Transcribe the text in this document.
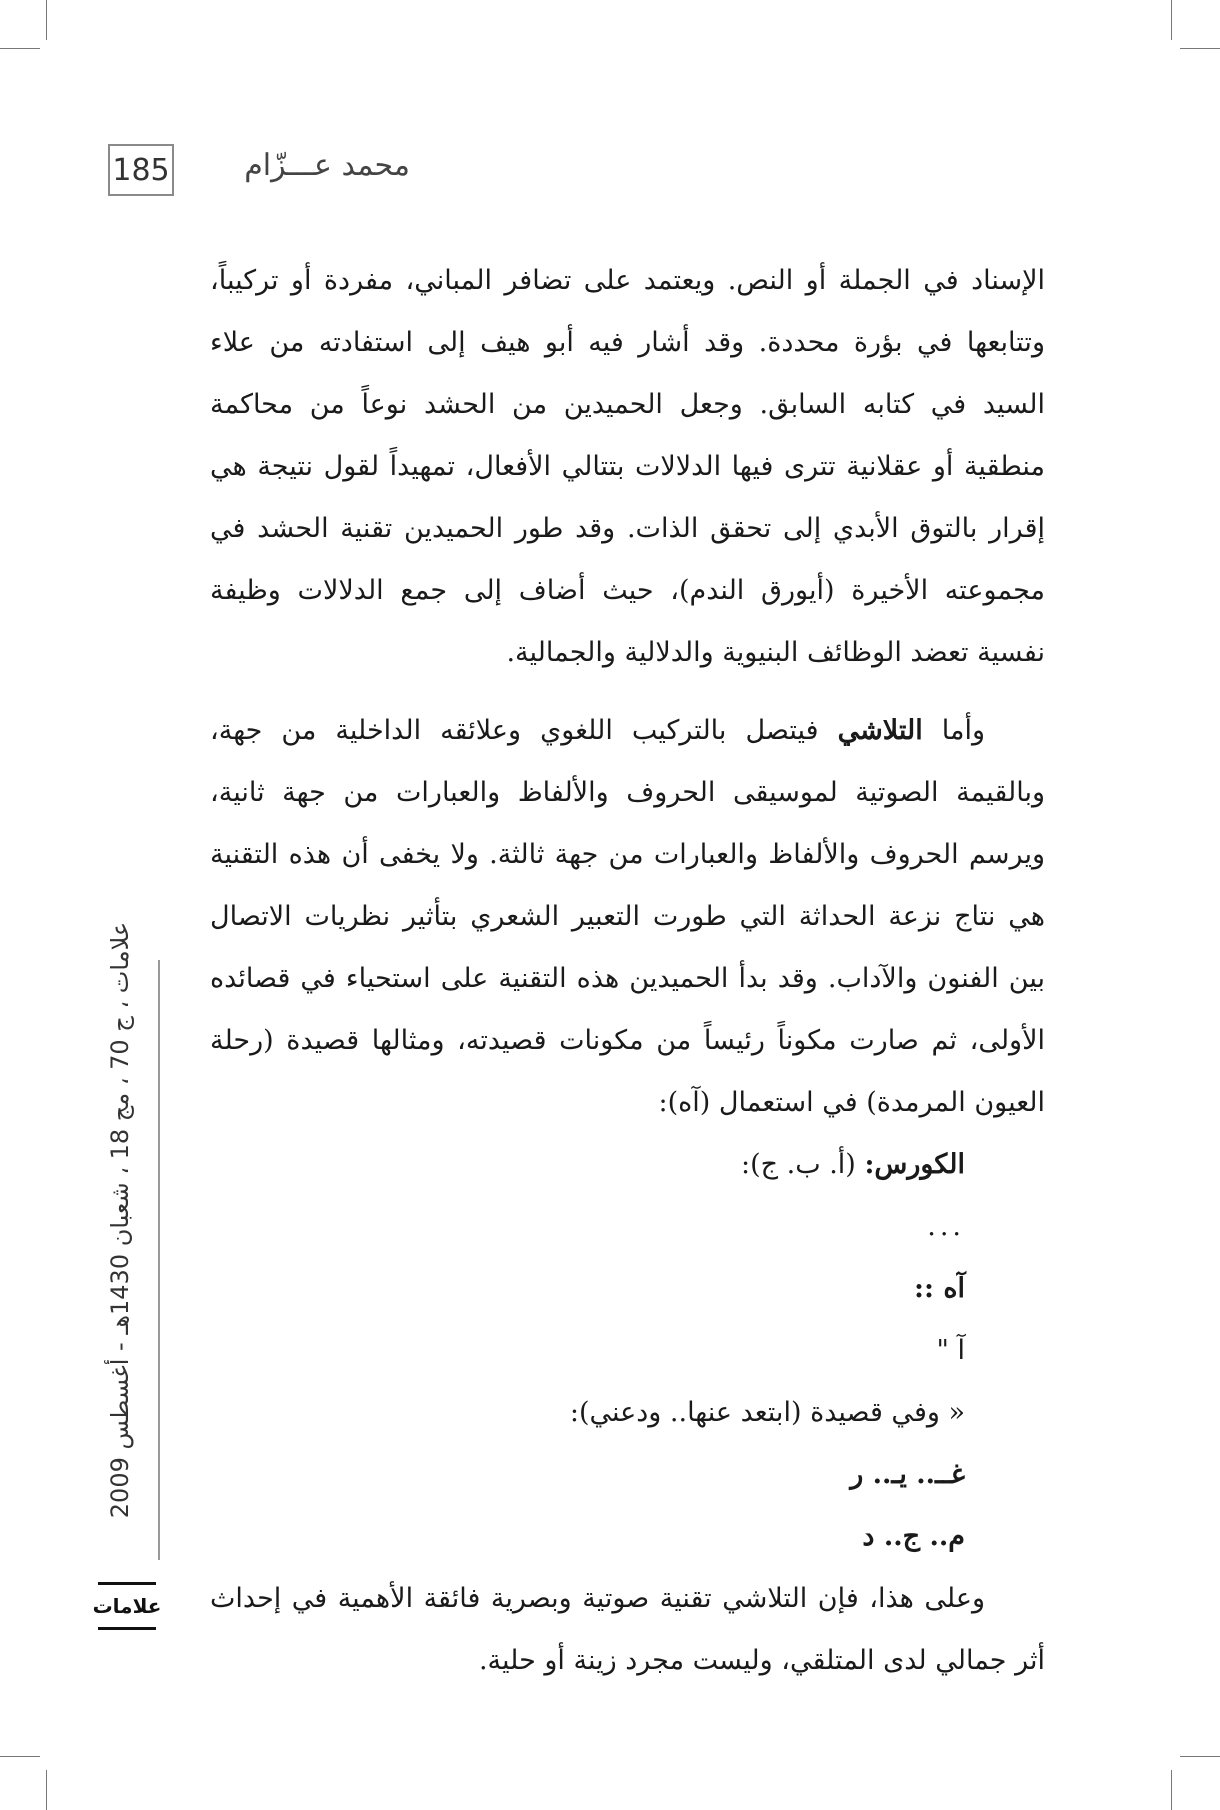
185	محمد عـــزّام

الإسناد في الجملة أو النص. ويعتمد على تضافر المباني، مفردة أو تركيباً، وتتابعها في بؤرة محددة. وقد أشار فيه أبو هيف إلى استفادته من علاء السيد في كتابه السابق. وجعل الحميدين من الحشد نوعاً من محاكمة منطقية أو عقلانية تترى فيها الدلالات بتتالي الأفعال، تمهيداً لقول نتيجة هي إقرار بالتوق الأبدي إلى تحقق الذات. وقد طور الحميدين تقنية الحشد في مجموعته الأخيرة (أيورق الندم)، حيث أضاف إلى جمع الدلالات وظيفة نفسية تعضد الوظائف البنيوية والدلالية والجمالية.

وأما التلاشي فيتصل بالتركيب اللغوي وعلائقه الداخلية من جهة، وبالقيمة الصوتية لموسيقى الحروف والألفاظ والعبارات من جهة ثانية، ويرسم الحروف والألفاظ والعبارات من جهة ثالثة. ولا يخفى أن هذه التقنية هي نتاج نزعة الحداثة التي طورت التعبير الشعري بتأثير نظريات الاتصال بين الفنون والآداب. وقد بدأ الحميدين هذه التقنية على استحياء في قصائده الأولى، ثم صارت مكوناً رئيساً من مكونات قصيدته، ومثالها قصيدة (رحلة العيون المرمدة) في استعمال (آه):

الكورس: (أ. ب. ج):

...

آه ::

آ "

« وفي قصيدة (ابتعد عنها.. ودعني):

غــ.. يـ.. ر

م.. ج.. د

وعلى هذا، فإن التلاشي تقنية صوتية وبصرية فائقة الأهمية في إحداث أثر جمالي لدى المتلقي، وليست مجرد زينة أو حلية.

علامات ، ج 70 ، مج 18 ، شعبان 1430هـ - أغسطس 2009
علامات
